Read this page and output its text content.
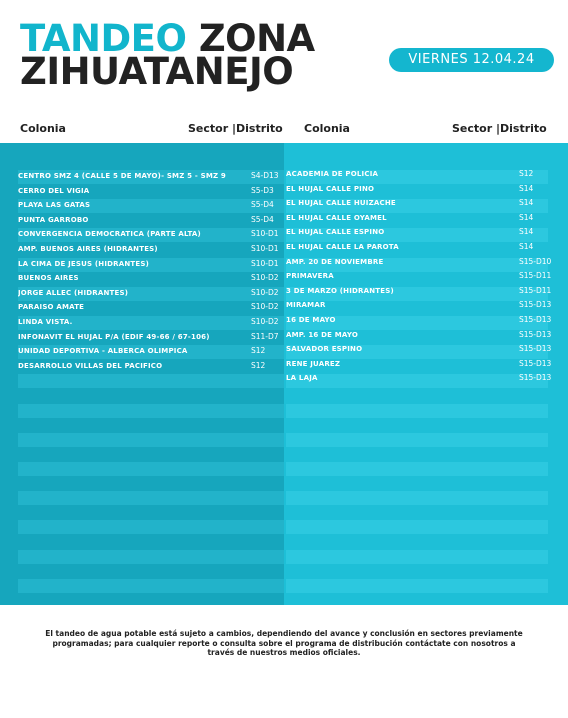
TANDEO ZONA
ZIHUATANEJO	VIERNES 12.04.24
Colonia	Sector |Distrito Colonia	Sector |Distrito
CENTRO SMZ 4 (CALLE 5 DE MAYO)- SMZ 5 - SMZ 9	S4-D13
CERRO DEL VIGIA	S5-D3
PLAYA LAS GATAS	S5-D4
PUNTA GARROBO	S5-D4
CONVERGENCIA DEMOCRATICA (PARTE ALTA)	S10-D1
AMP. BUENOS AIRES (HIDRANTES)	S10-D1
LA CIMA DE JESUS (HIDRANTES)	S10-D1
BUENOS AIRES	S10-D2
JORGE ALLEC (HIDRANTES)	S10-D2
PARAISO AMATE	S10-D2
LINDA VISTA.	S10-D2
INFONAVIT EL HUJAL P/A (EDIF 49-66 / 67-106)	S11-D7
UNIDAD DEPORTIVA - ALBERCA OLIMPICA	S12
DESARROLLO VILLAS DEL PACIFICO	S12
ACADEMIA DE POLICIA	S12
EL HUJAL CALLE PINO	S14
EL HUJAL CALLE HUIZACHE	S14
EL HUJAL CALLE OYAMEL	S14
EL HUJAL CALLE ESPINO	S14
EL HUJAL CALLE LA PAROTA	S14
AMP. 20 DE NOVIEMBRE	S15-D10
PRIMAVERA	S15-D11
3 DE MARZO (HIDRANTES)	S15-D11
MIRAMAR	S15-D13
16 DE MAYO	S15-D13
AMP. 16 DE MAYO	S15-D13
SALVADOR ESPINO	S15-D13
RENE JUAREZ	S15-D13
LA LAJA	S15-D13
El tandeo de agua potable está sujeto a cambios, dependiendo del avance y conclusión en sectores previamente
programadas; para cualquier reporte o consulta sobre el programa de distribución contáctate con nosotros a
través de nuestros medios oficiales.
